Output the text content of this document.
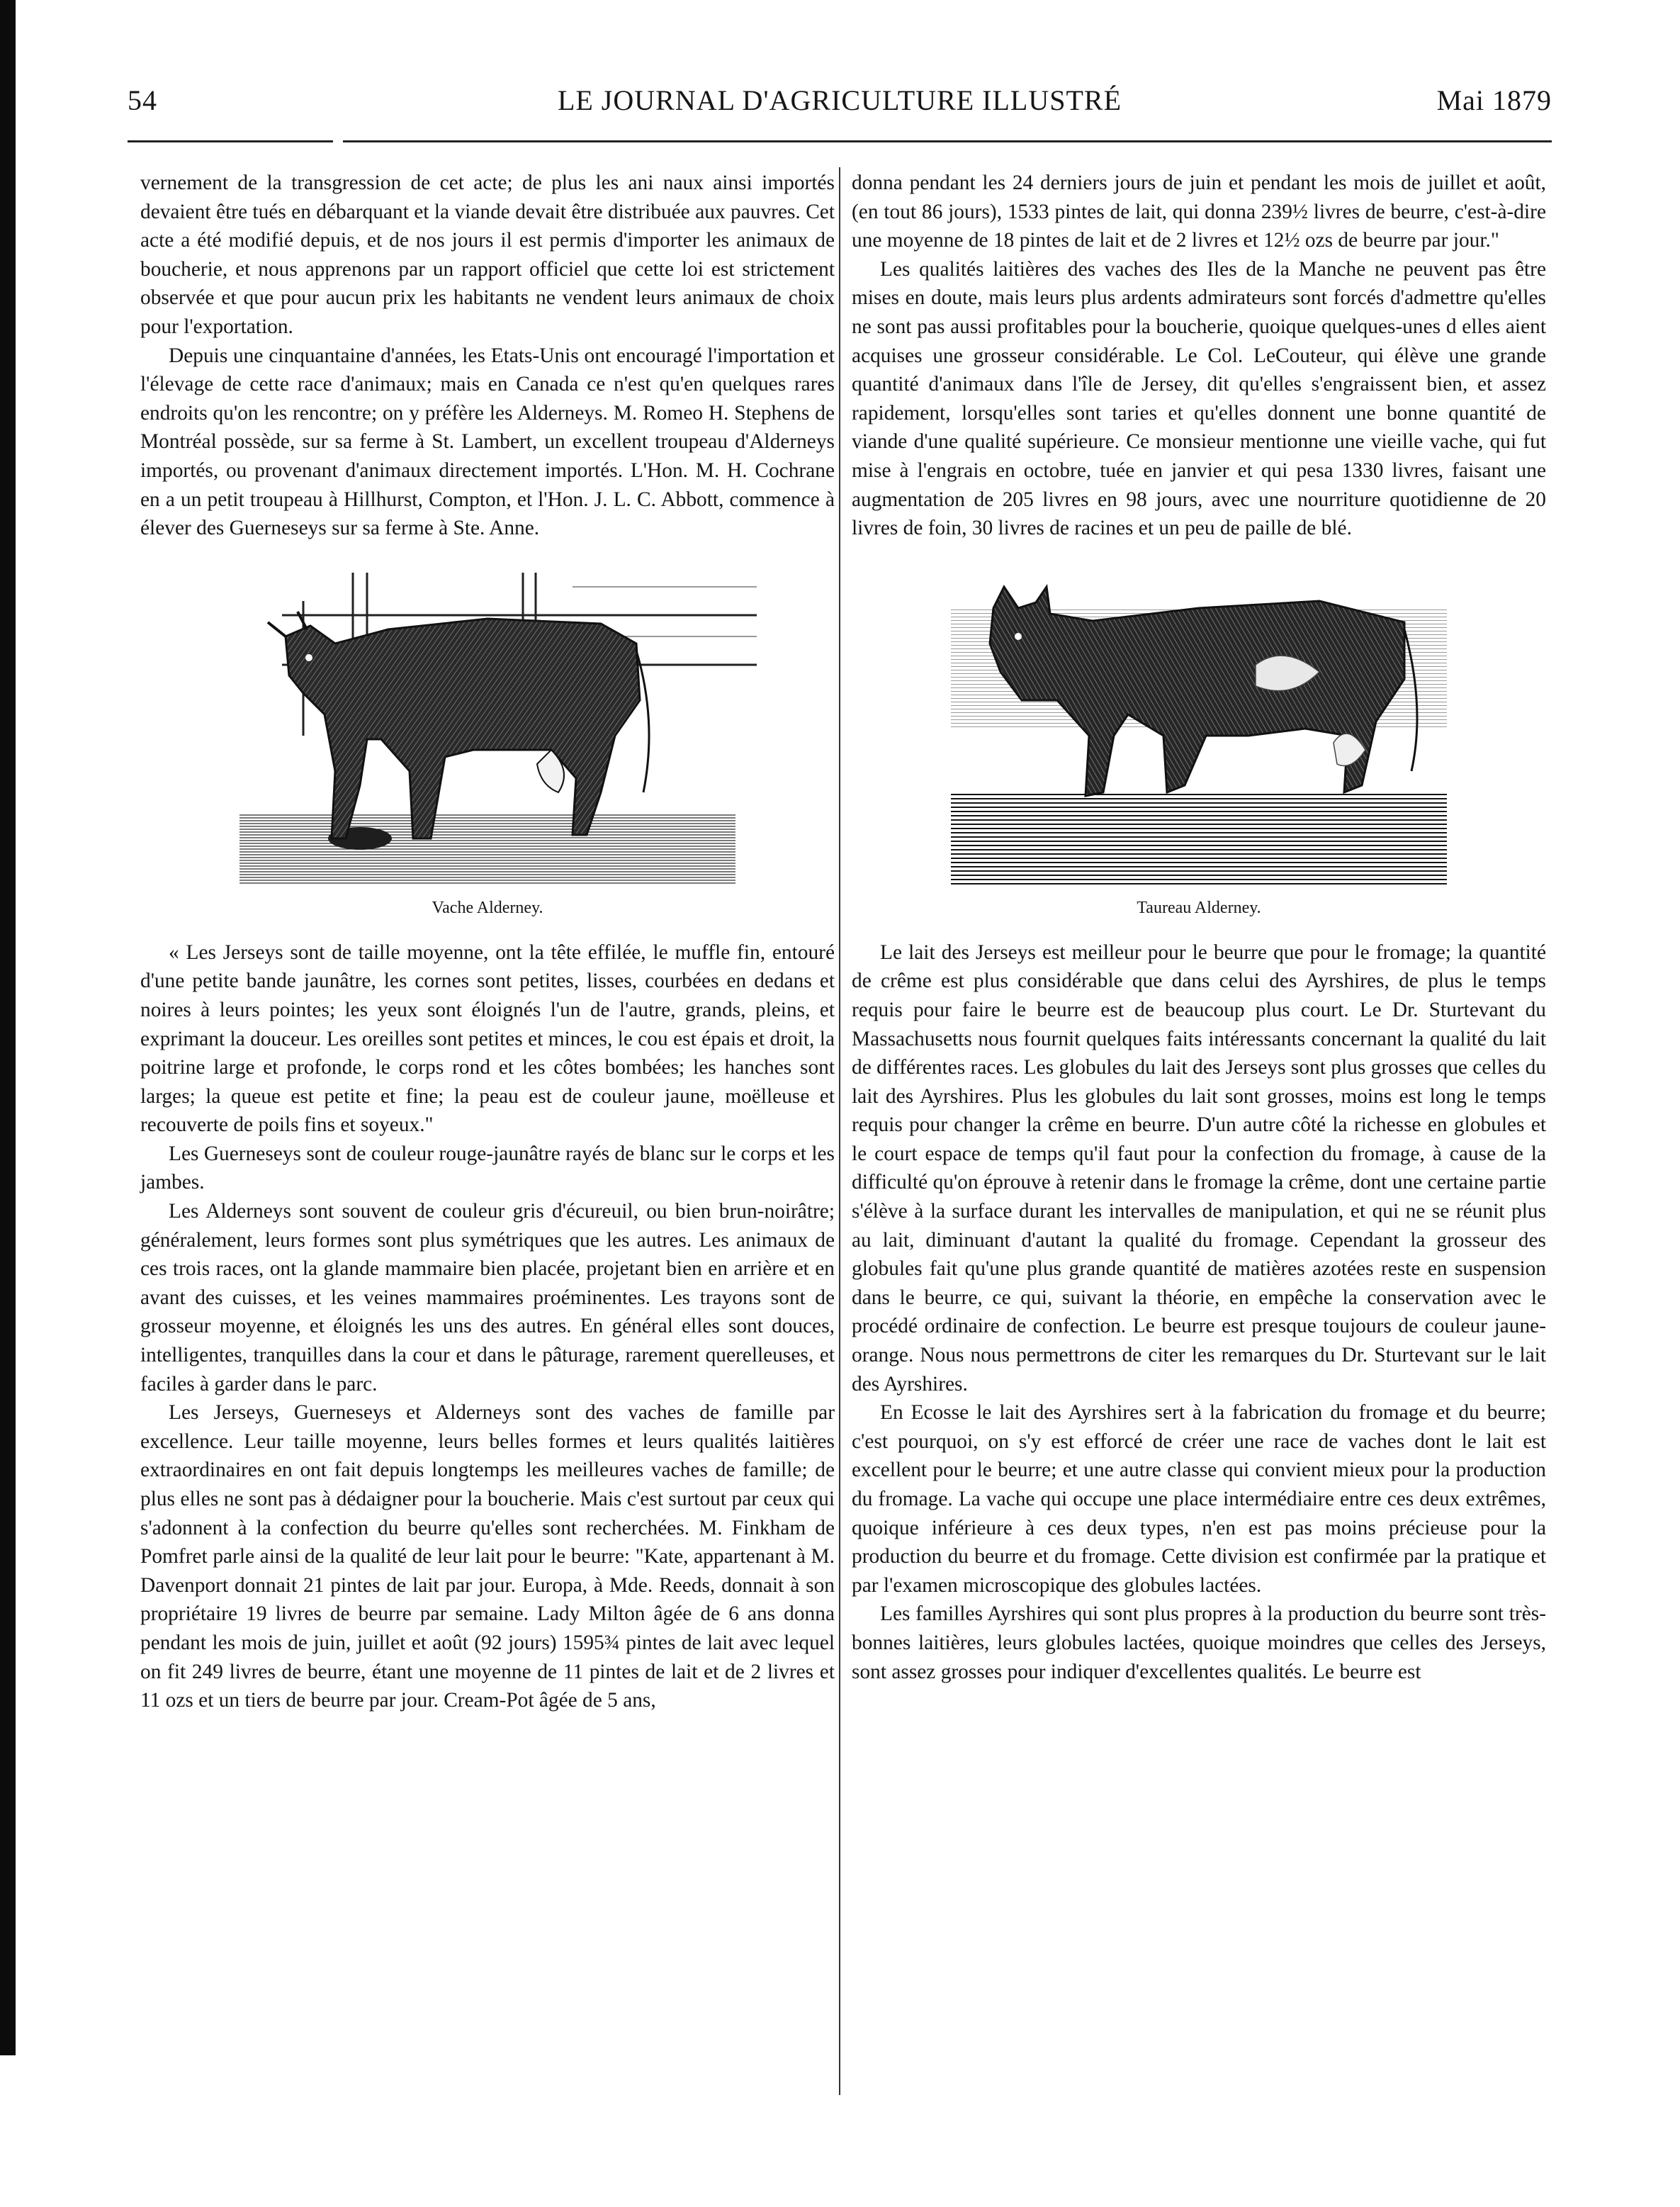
54	LE JOURNAL D'AGRICULTURE ILLUSTRÉ	Mai 1879

vernement de la transgression de cet acte; de plus les ani naux ainsi importés devaient être tués en débarquant et la viande devait être distribuée aux pauvres. Cet acte a été modifié depuis, et de nos jours il est permis d'importer les animaux de boucherie, et nous apprenons par un rapport officiel que cette loi est strictement observée et que pour aucun prix les habitants ne vendent leurs animaux de choix pour l'exportation.

Depuis une cinquantaine d'années, les Etats-Unis ont encouragé l'importation et l'élevage de cette race d'animaux; mais en Canada ce n'est qu'en quelques rares endroits qu'on les rencontre; on y préfère les Alderneys. M. Romeo H. Stephens de Montréal possède, sur sa ferme à St. Lambert, un excellent troupeau d'Alderneys importés, ou provenant d'animaux directement importés. L'Hon. M. H. Cochrane en a un petit troupeau à Hillhurst, Compton, et l'Hon. J. L. C. Abbott, commence à élever des Guerneseys sur sa ferme à Ste. Anne.

Vache Alderney.

« Les Jerseys sont de taille moyenne, ont la tête effilée, le muffle fin, entouré d'une petite bande jaunâtre, les cornes sont petites, lisses, courbées en dedans et noires à leurs pointes; les yeux sont éloignés l'un de l'autre, grands, pleins, et exprimant la douceur. Les oreilles sont petites et minces, le cou est épais et droit, la poitrine large et profonde, le corps rond et les côtes bombées; les hanches sont larges; la queue est petite et fine; la peau est de couleur jaune, moëlleuse et recouverte de poils fins et soyeux."

Les Guerneseys sont de couleur rouge-jaunâtre rayés de blanc sur le corps et les jambes.

Les Alderneys sont souvent de couleur gris d'écureuil, ou bien brun-noirâtre; généralement, leurs formes sont plus symétriques que les autres. Les animaux de ces trois races, ont la glande mammaire bien placée, projetant bien en arrière et en avant des cuisses, et les veines mammaires proéminentes. Les trayons sont de grosseur moyenne, et éloignés les uns des autres. En général elles sont douces, intelligentes, tranquilles dans la cour et dans le pâturage, rarement querelleuses, et faciles à garder dans le parc.

Les Jerseys, Guerneseys et Alderneys sont des vaches de famille par excellence. Leur taille moyenne, leurs belles formes et leurs qualités laitières extraordinaires en ont fait depuis longtemps les meilleures vaches de famille; de plus elles ne sont pas à dédaigner pour la boucherie. Mais c'est surtout par ceux qui s'adonnent à la confection du beurre qu'elles sont recherchées. M. Finkham de Pomfret parle ainsi de la qualité de leur lait pour le beurre: "Kate, appartenant à M. Davenport donnait 21 pintes de lait par jour. Europa, à Mde. Reeds, donnait à son propriétaire 19 livres de beurre par semaine. Lady Milton âgée de 6 ans donna pendant les mois de juin, juillet et août (92 jours) 1595¾ pintes de lait avec lequel on fit 249 livres de beurre, étant une moyenne de 11 pintes de lait et de 2 livres et 11 ozs et un tiers de beurre par jour. Cream-Pot âgée de 5 ans,

donna pendant les 24 derniers jours de juin et pendant les mois de juillet et août, (en tout 86 jours), 1533 pintes de lait, qui donna 239½ livres de beurre, c'est-à-dire une moyenne de 18 pintes de lait et de 2 livres et 12½ ozs de beurre par jour."

Les qualités laitières des vaches des Iles de la Manche ne peuvent pas être mises en doute, mais leurs plus ardents admirateurs sont forcés d'admettre qu'elles ne sont pas aussi profitables pour la boucherie, quoique quelques-unes d elles aient acquises une grosseur considérable. Le Col. LeCouteur, qui élève une grande quantité d'animaux dans l'île de Jersey, dit qu'elles s'engraissent bien, et assez rapidement, lorsqu'elles sont taries et qu'elles donnent une bonne quantité de viande d'une qualité supérieure. Ce monsieur mentionne une vieille vache, qui fut mise à l'engrais en octobre, tuée en janvier et qui pesa 1330 livres, faisant une augmentation de 205 livres en 98 jours, avec une nourriture quotidienne de 20 livres de foin, 30 livres de racines et un peu de paille de blé.

Taureau Alderney.

Le lait des Jerseys est meilleur pour le beurre que pour le fromage; la quantité de crême est plus considérable que dans celui des Ayrshires, de plus le temps requis pour faire le beurre est de beaucoup plus court. Le Dr. Sturtevant du Massachusetts nous fournit quelques faits intéressants concernant la qualité du lait de différentes races. Les globules du lait des Jerseys sont plus grosses que celles du lait des Ayrshires. Plus les globules du lait sont grosses, moins est long le temps requis pour changer la crême en beurre. D'un autre côté la richesse en globules et le court espace de temps qu'il faut pour la confection du fromage, à cause de la difficulté qu'on éprouve à retenir dans le fromage la crême, dont une certaine partie s'élève à la surface durant les intervalles de manipulation, et qui ne se réunit plus au lait, diminuant d'autant la qualité du fromage. Cependant la grosseur des globules fait qu'une plus grande quantité de matières azotées reste en suspension dans le beurre, ce qui, suivant la théorie, en empêche la conservation avec le procédé ordinaire de confection. Le beurre est presque toujours de couleur jaune-orange. Nous nous permettrons de citer les remarques du Dr. Sturtevant sur le lait des Ayrshires.

En Ecosse le lait des Ayrshires sert à la fabrication du fromage et du beurre; c'est pourquoi, on s'y est efforcé de créer une race de vaches dont le lait est excellent pour le beurre; et une autre classe qui convient mieux pour la production du fromage. La vache qui occupe une place intermédiaire entre ces deux extrêmes, quoique inférieure à ces deux types, n'en est pas moins précieuse pour la production du beurre et du fromage. Cette division est confirmée par la pratique et par l'examen microscopique des globules lactées.

Les familles Ayrshires qui sont plus propres à la production du beurre sont très-bonnes laitières, leurs globules lactées, quoique moindres que celles des Jerseys, sont assez grosses pour indiquer d'excellentes qualités. Le beurre est
